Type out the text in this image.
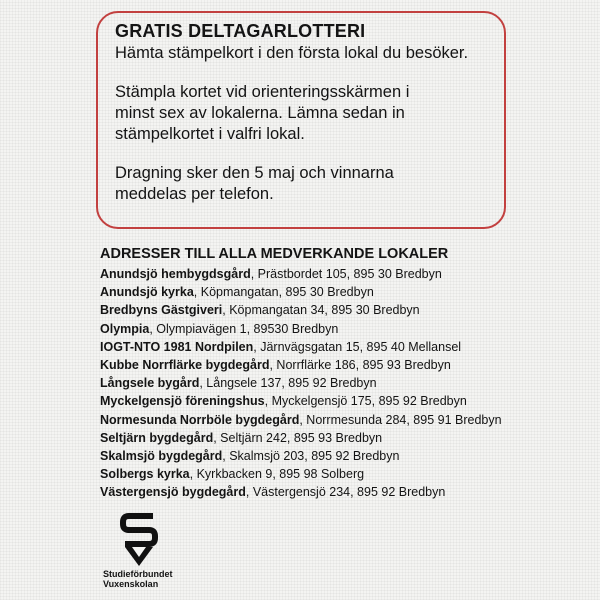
GRATIS DELTAGARLOTTERI
Hämta stämpelkort i den första lokal du besöker.
Stämpla kortet vid orienteringsskärmen i
minst sex av lokalerna. Lämna sedan in
stämpelkortet i valfri lokal.
Dragning sker den 5 maj och vinnarna
meddelas per telefon.
ADRESSER TILL ALLA MEDVERKANDE LOKALER
Anundsjö hembygdsgård, Prästbordet 105, 895 30 Bredbyn
Anundsjö kyrka, Köpmangatan, 895 30 Bredbyn
Bredbyns Gästgiveri, Köpmangatan 34, 895 30 Bredbyn
Olympia, Olympiavägen 1, 89530 Bredbyn
IOGT-NTO 1981 Nordpilen, Järnvägsgatan 15, 895 40 Mellansel
Kubbe Norrflärke bygdegård, Norrflärke 186, 895 93 Bredbyn
Långsele bygård, Långsele 137, 895 92 Bredbyn
Myckelgensjö föreningshus, Myckelgensjö 175, 895 92 Bredbyn
Normesunda Norrböle bygdegård, Norrmesunda 284, 895 91 Bredbyn
Seltjärn bygdegård, Seltjärn 242, 895 93 Bredbyn
Skalmsjö bygdegård, Skalmsjö 203, 895 92 Bredbyn
Solbergs kyrka, Kyrkbacken 9, 895 98 Solberg
Västergensjö bygdegård, Västergensjö 234, 895 92 Bredbyn
Studieförbundet
Vuxenskolan
